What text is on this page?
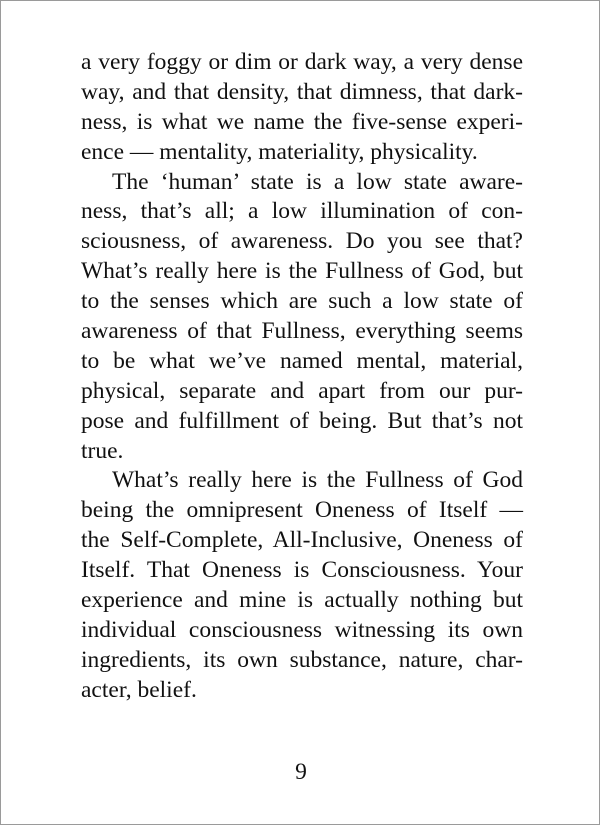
a very foggy or dim or dark way, a very dense
way, and that density, that dimness, that dark-
ness, is what we name the five-sense experi-
ence — mentality, materiality, physicality.
The ‘human’ state is a low state aware-
ness, that’s all; a low illumination of con-
sciousness, of awareness. Do you see that?
What’s really here is the Fullness of God, but
to the senses which are such a low state of
awareness of that Fullness, everything seems
to be what we’ve named mental, material,
physical, separate and apart from our pur-
pose and fulfillment of being. But that’s not
true.
What’s really here is the Fullness of God
being the omnipresent Oneness of Itself —
the Self-Complete, All-Inclusive, Oneness of
Itself. That Oneness is Consciousness. Your
experience and mine is actually nothing but
individual consciousness witnessing its own
ingredients, its own substance, nature, char-
acter, belief.
9
